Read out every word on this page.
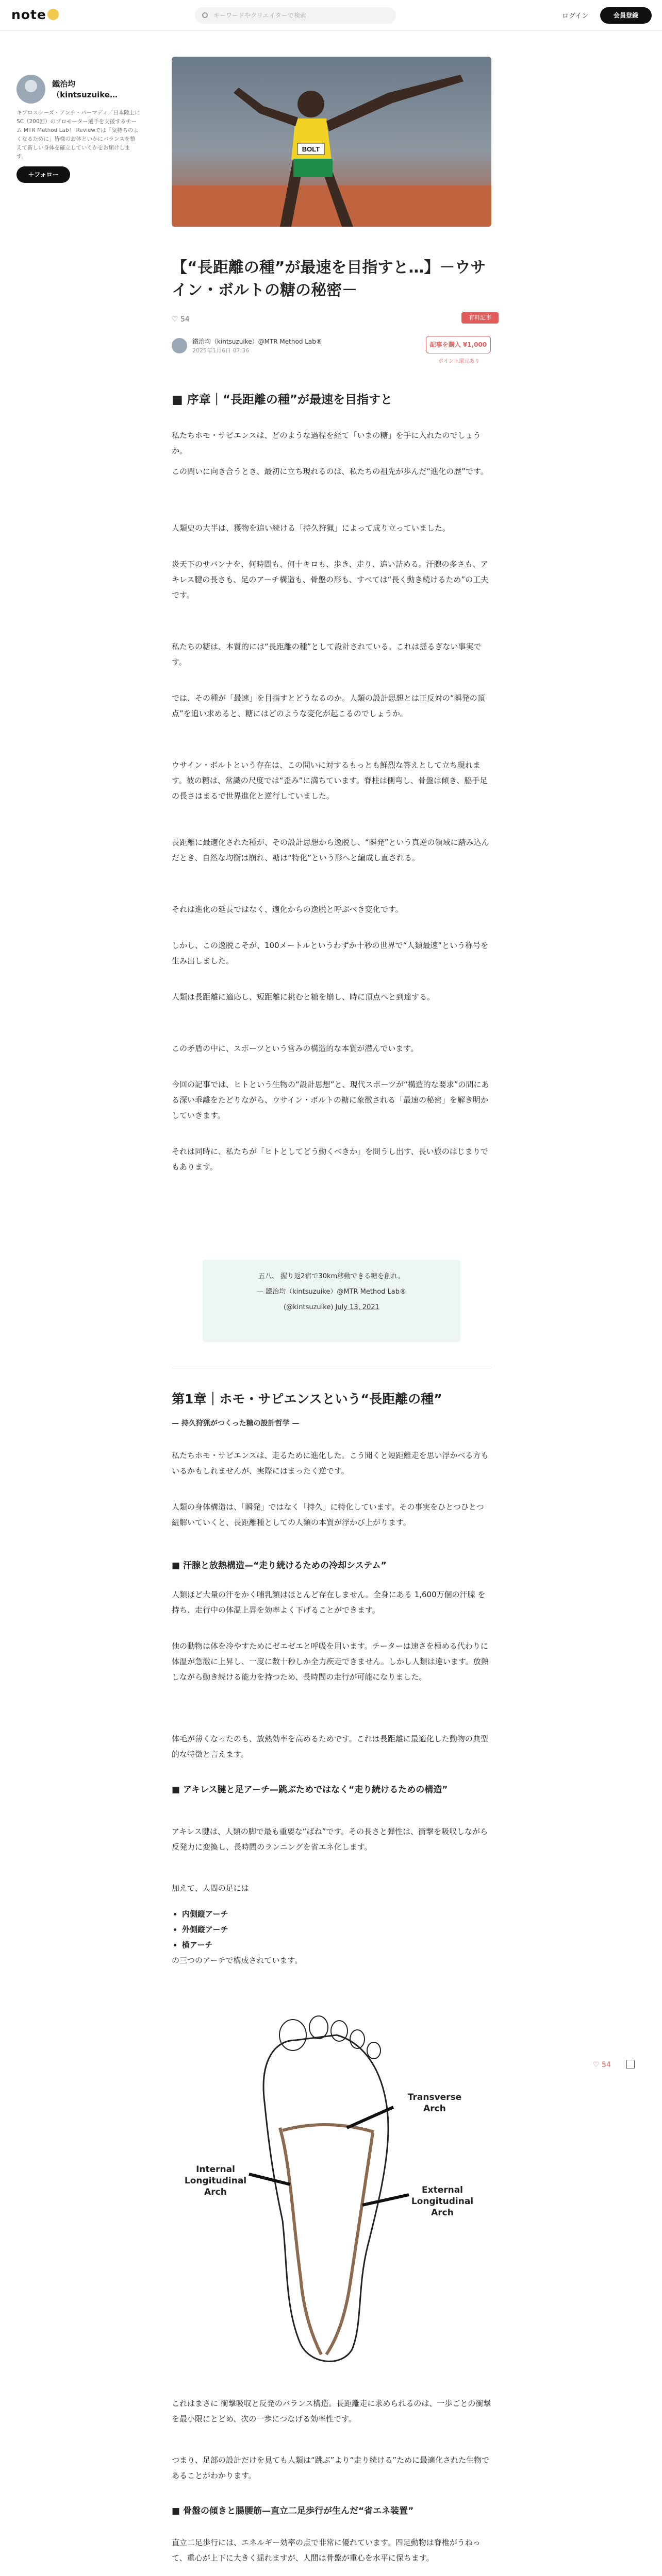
note	キーワードやクリエイターで検索	ログイン	会員登録
鐵治均（kintsuzuike…
キプロスシーズ・アンチ・パーマディ／日本陸上にSC（200回）のプロモーター選手を支援するチーム MTR Method Lab！ Reviewでは「気持ちのよくなるために」皆様のお体といかにバランスを整えて新しい身体を確立していくかをお届けします。
＋フォロー
BOLT
【“長距離の種”が最速を目指すと…】－ウサイン・ボルトの糖の秘密－
♡ 54	有料記事
鐵治均（kintsuzuike）@MTR Method Lab®
2025年1月6日 07:36
記事を購入 ¥1,000
ポイント還元あり
■ 序章｜“長距離の種”が最速を目指すと
私たちホモ・サピエンスは、どのような過程を経て「いまの糖」を手に入れたのでしょうか。
この問いに向き合うとき、最初に立ち現れるのは、私たちの祖先が歩んだ“進化の歴”です。
人類史の大半は、獲物を追い続ける「持久狩猟」によって成り立っていました。
炎天下のサバンナを、何時間も、何十キロも、歩き、走り、追い詰める。汗腺の多さも、アキレス腱の長さも、足のアーチ構造も、骨盤の形も、すべては“長く動き続けるため”の工夫です。
私たちの糖は、本質的には“長距離の種”として設計されている。これは揺るぎない事実です。
では、その種が「最速」を目指すとどうなるのか。人類の設計思想とは正反対の“瞬発の頂点”を追い求めると、糖にはどのような変化が起こるのでしょうか。
ウサイン・ボルトという存在は、この問いに対するもっとも鮮烈な答えとして立ち現れます。彼の糖は、常識の尺度では“歪み”に満ちています。脊柱は側弯し、骨盤は傾き、脇手足の長さはまるで世界進化と逆行していました。
長距離に最適化された種が、その設計思想から逸脱し、“瞬発”という真逆の領域に踏み込んだとき、自然な均衡は崩れ、糖は“特化”という形へと編成し直される。
それは進化の延長ではなく、適化からの逸脱と呼ぶべき変化です。
しかし、この逸脱こそが、100メートルというわずか十秒の世界で“人類最速”という称号を生み出しました。
人類は長距離に適応し、短距離に挑むと糖を崩し、時に頂点へと到達する。
この矛盾の中に、スポーツという営みの構造的な本質が潜んでいます。
今回の記事では、ヒトという生物の“設計思想”と、現代スポーツが“構造的な要求”の間にある深い乖離をたどりながら、ウサイン・ボルトの糖に象徴される「最速の秘密」を解き明かしていきます。
それは同時に、私たちが「ヒトとしてどう動くべきか」を問うし出す、長い旅のはじまりでもあります。
五八、 握り返2宿で30km移動できる糖を創れ。
— 鐵治均（kintsuzuike）@MTR Method Lab®
(@kintsuzuike) July 13, 2021
第1章｜ホモ・サピエンスという“長距離の種”
— 持久狩猟がつくった糖の設計哲学 —
私たちホモ・サピエンスは、走るために進化した。こう聞くと短距離走を思い浮かべる方もいるかもしれませんが、実際にはまったく逆です。
人類の身体構造は、「瞬発」ではなく「持久」に特化しています。その事実をひとつひとつ紐解いていくと、長距離種としての人類の本質が浮かび上がります。
■ 汗腺と放熱構造—“走り続けるための冷却システム”
人類ほど大量の汗をかく哺乳類はほとんど存在しません。全身にある 1,600万個の汗腺 を持ち、走行中の体温上昇を効率よく下げることができます。
他の動物は体を冷やすためにゼエゼエと呼吸を用います。チーターは速さを極める代わりに体温が急激に上昇し、一度に数十秒しか全力疾走できません。しかし人類は違います。放熱しながら動き続ける能力を持つため、長時間の走行が可能になりました。
体毛が薄くなったのも、放熱効率を高めるためです。これは長距離に最適化した動物の典型的な特徴と言えます。
■ アキレス腱と足アーチ—跳ぶためではなく“走り続けるための構造”
アキレス腱は、人類の脚で最も重要な“ばね”です。その長さと弾性は、衝撃を吸収しながら反発力に変換し、長時間のランニングを省エネ化します。
加えて、人間の足には
• 内側縦アーチ
• 外側縦アーチ
• 横アーチ
の三つのアーチで構成されています。
♡ 54
Transverse Arch
Internal Longitudinal Arch	External Longitudinal Arch
これはまさに 衝撃吸収と反発のバランス構造。長距離走に求められるのは、一歩ごとの衝撃を最小限にとどめ、次の一歩につなげる効率性です。
つまり、足部の設計だけを見ても人類は“跳ぶ”より“走り続ける”ために最適化された生物であることがわかります。
■ 骨盤の傾きと腸腰筋—直立二足歩行が生んだ“省エネ装置”
直立二足歩行には、エネルギー効率の点で非常に優れています。四足動物は脊椎がうねって、重心が上下に大きく揺れますが、人間は骨盤が重心を水平に保ちます。
